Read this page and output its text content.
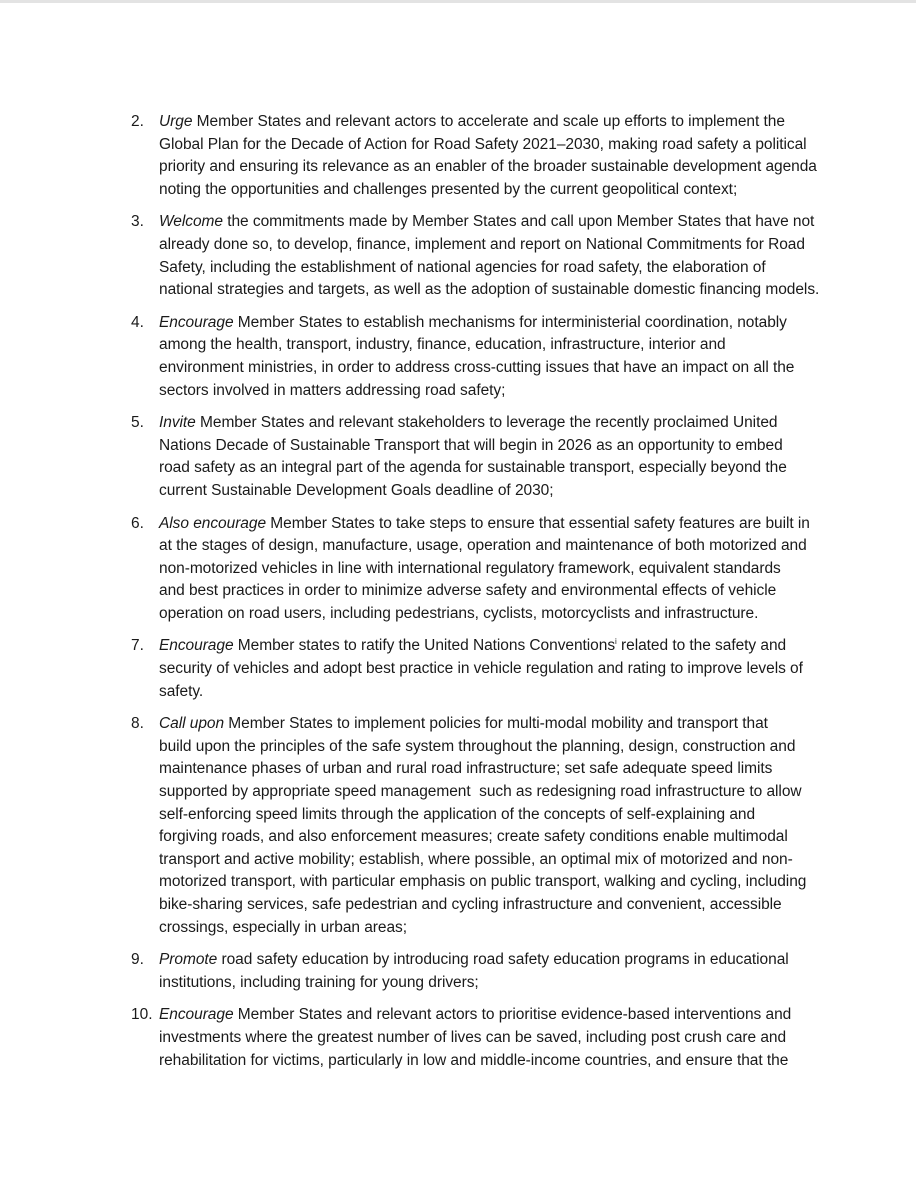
2. Urge Member States and relevant actors to accelerate and scale up efforts to implement the
Global Plan for the Decade of Action for Road Safety 2021–2030, making road safety a political
priority and ensuring its relevance as an enabler of the broader sustainable development agenda
noting the opportunities and challenges presented by the current geopolitical context;
3. Welcome the commitments made by Member States and call upon Member States that have not
already done so, to develop, finance, implement and report on National Commitments for Road
Safety, including the establishment of national agencies for road safety, the elaboration of
national strategies and targets, as well as the adoption of sustainable domestic financing models.
4. Encourage Member States to establish mechanisms for interministerial coordination, notably
among the health, transport, industry, finance, education, infrastructure, interior and
environment ministries, in order to address cross-cutting issues that have an impact on all the
sectors involved in matters addressing road safety;
5. Invite Member States and relevant stakeholders to leverage the recently proclaimed United
Nations Decade of Sustainable Transport that will begin in 2026 as an opportunity to embed
road safety as an integral part of the agenda for sustainable transport, especially beyond the
current Sustainable Development Goals deadline of 2030;
6. Also encourage Member States to take steps to ensure that essential safety features are built in
at the stages of design, manufacture, usage, operation and maintenance of both motorized and
non-motorized vehicles in line with international regulatory framework, equivalent standards
and best practices in order to minimize adverse safety and environmental effects of vehicle
operation on road users, including pedestrians, cyclists, motorcyclists and infrastructure.
7. Encourage Member states to ratify the United Nations Conventions$^i$ related to the safety and
security of vehicles and adopt best practice in vehicle regulation and rating to improve levels of
safety.
8. Call upon Member States to implement policies for multi-modal mobility and transport that
build upon the principles of the safe system throughout the planning, design, construction and
maintenance phases of urban and rural road infrastructure; set safe adequate speed limits
supported by appropriate speed management  such as redesigning road infrastructure to allow
self-enforcing speed limits through the application of the concepts of self-explaining and
forgiving roads, and also enforcement measures; create safety conditions enable multimodal
transport and active mobility; establish, where possible, an optimal mix of motorized and non-
motorized transport, with particular emphasis on public transport, walking and cycling, including
bike-sharing services, safe pedestrian and cycling infrastructure and convenient, accessible
crossings, especially in urban areas;
9. Promote road safety education by introducing road safety education programs in educational
institutions, including training for young drivers;
10. Encourage Member States and relevant actors to prioritise evidence-based interventions and
investments where the greatest number of lives can be saved, including post crush care and
rehabilitation for victims, particularly in low and middle-income countries, and ensure that the
